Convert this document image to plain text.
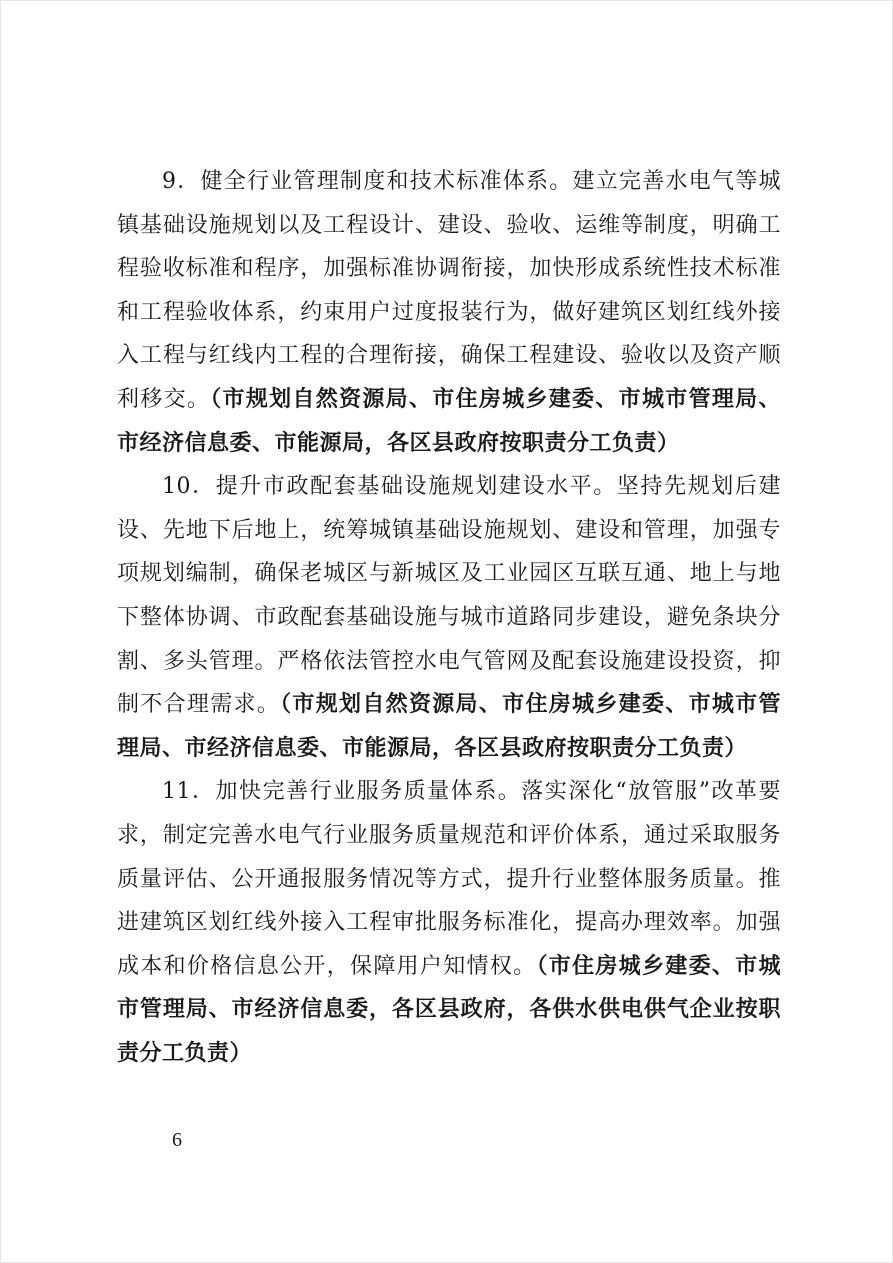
9．健全行业管理制度和技术标准体系。建立完善水电气等城镇基础设施规划以及工程设计、建设、验收、运维等制度，明确工程验收标准和程序，加强标准协调衔接，加快形成系统性技术标准和工程验收体系，约束用户过度报装行为，做好建筑区划红线外接入工程与红线内工程的合理衔接，确保工程建设、验收以及资产顺利移交。（市规划自然资源局、市住房城乡建委、市城市管理局、市经济信息委、市能源局，各区县政府按职责分工负责）

10．提升市政配套基础设施规划建设水平。坚持先规划后建设、先地下后地上，统筹城镇基础设施规划、建设和管理，加强专项规划编制，确保老城区与新城区及工业园区互联互通、地上与地下整体协调、市政配套基础设施与城市道路同步建设，避免条块分割、多头管理。严格依法管控水电气管网及配套设施建设投资，抑制不合理需求。（市规划自然资源局、市住房城乡建委、市城市管理局、市经济信息委、市能源局，各区县政府按职责分工负责）

11．加快完善行业服务质量体系。落实深化“放管服”改革要求，制定完善水电气行业服务质量规范和评价体系，通过采取服务质量评估、公开通报服务情况等方式，提升行业整体服务质量。推进建筑区划红线外接入工程审批服务标准化，提高办理效率。加强成本和价格信息公开，保障用户知情权。（市住房城乡建委、市城市管理局、市经济信息委，各区县政府，各供水供电供气企业按职责分工负责）

6
